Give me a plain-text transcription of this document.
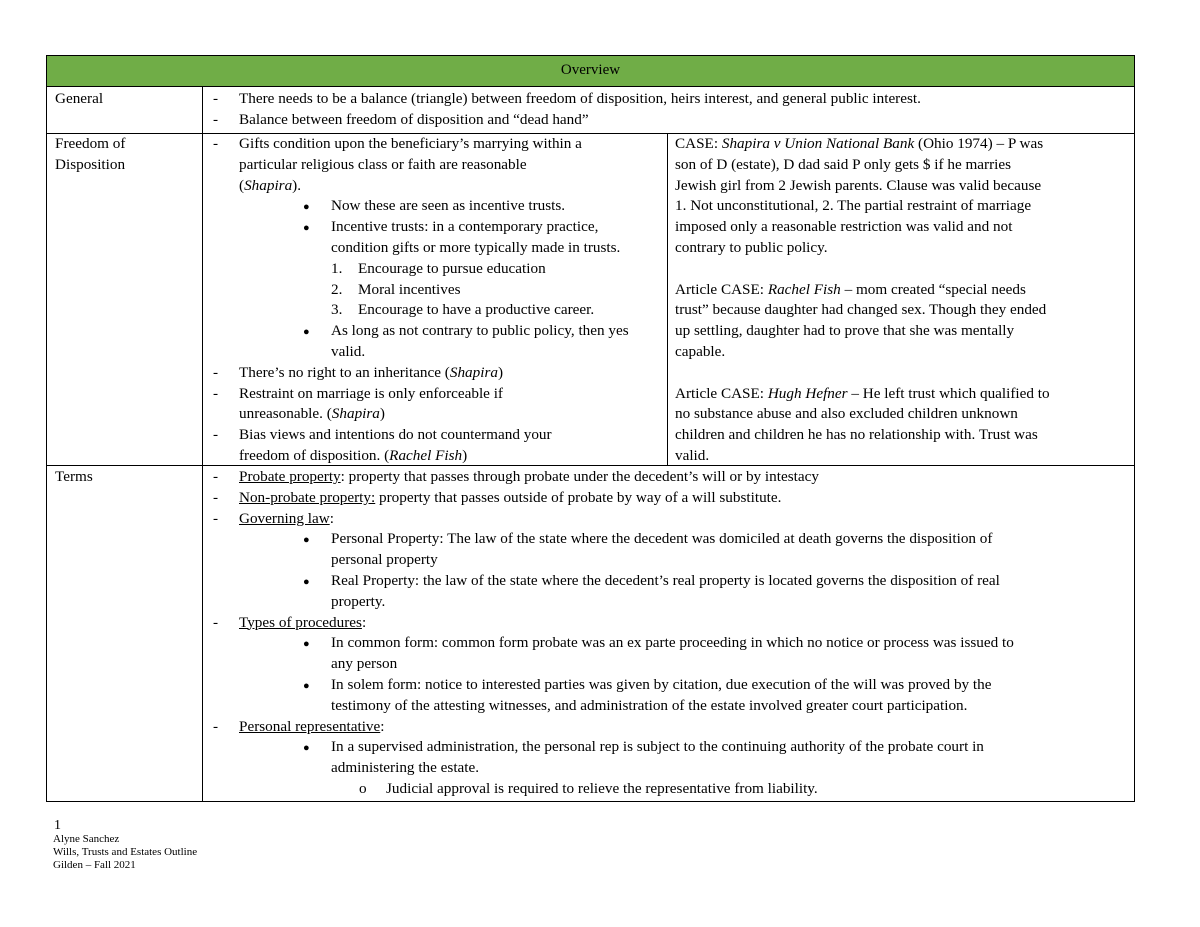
Overview
General	- There needs to be a balance (triangle) between freedom of disposition, heirs interest, and general public interest.
- Balance between freedom of disposition and “dead hand”
Freedom of
Disposition
- Gifts condition upon the beneficiary’s marrying within a
particular religious class or faith are reasonable
(Shapira).
● Now these are seen as incentive trusts.
● Incentive trusts: in a contemporary practice,
condition gifts or more typically made in trusts.
1. Encourage to pursue education
2. Moral incentives
3. Encourage to have a productive career.
● As long as not contrary to public policy, then yes
valid.
- There’s no right to an inheritance (Shapira)
- Restraint on marriage is only enforceable if
unreasonable. (Shapira)
- Bias views and intentions do not countermand your
freedom of disposition. (Rachel Fish)
CASE: Shapira v Union National Bank (Ohio 1974) – P was
son of D (estate), D dad said P only gets $ if he marries
Jewish girl from 2 Jewish parents. Clause was valid because
1. Not unconstitutional, 2. The partial restraint of marriage
imposed only a reasonable restriction was valid and not
contrary to public policy.
Article CASE: Rachel Fish – mom created “special needs
trust” because daughter had changed sex. Though they ended
up settling, daughter had to prove that she was mentally
capable.
Article CASE: Hugh Hefner – He left trust which qualified to
no substance abuse and also excluded children unknown
children and children he has no relationship with. Trust was
valid.
Terms	- Probate property: property that passes through probate under the decedent’s will or by intestacy
- Non-probate property: property that passes outside of probate by way of a will substitute.
- Governing law:
● Personal Property: The law of the state where the decedent was domiciled at death governs the disposition of
personal property
● Real Property: the law of the state where the decedent’s real property is located governs the disposition of real
property.
- Types of procedures:
● In common form: common form probate was an ex parte proceeding in which no notice or process was issued to
any person
● In solem form: notice to interested parties was given by citation, due execution of the will was proved by the
testimony of the attesting witnesses, and administration of the estate involved greater court participation.
- Personal representative:
● In a supervised administration, the personal rep is subject to the continuing authority of the probate court in
administering the estate.
o Judicial approval is required to relieve the representative from liability.
1
Alyne Sanchez
Wills, Trusts and Estates Outline
Gilden – Fall 2021
